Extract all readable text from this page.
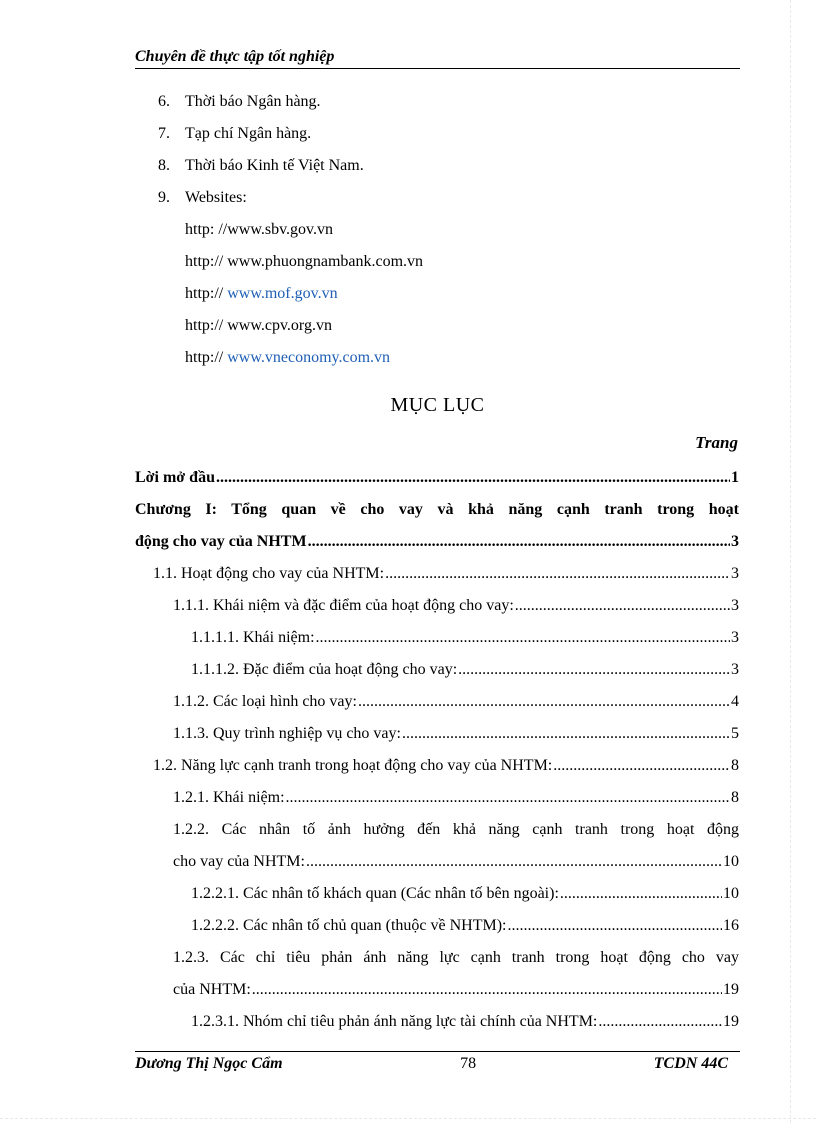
Chuyên đề thực tập tốt nghiệp
6. Thời báo Ngân hàng.
7. Tạp chí Ngân hàng.
8. Thời báo Kinh tế Việt Nam.
9. Websites:
http: //www.sbv.gov.vn
http:// www.phuongnambank.com.vn
http:// www.mof.gov.vn
http:// www.cpv.org.vn
http:// www.vneconomy.com.vn
MỤC LỤC
Trang
Lời mở đầu .....	1
Chương I: Tổng quan về cho vay và khả năng cạnh tranh trong hoạt
động cho vay của NHTM .....	3
1.1. Hoạt động cho vay của NHTM: .....	3
1.1.1. Khái niệm và đặc điểm của hoạt động cho vay: .....	3
1.1.1.1. Khái niệm: .....	3
1.1.1.2. Đặc điểm của hoạt động cho vay: .....	3
1.1.2. Các loại hình cho vay: .....	4
1.1.3. Quy trình nghiệp vụ cho vay: .....	5
1.2. Năng lực cạnh tranh trong hoạt động cho vay của NHTM: .....	8
1.2.1. Khái niệm: .....	8
1.2.2. Các nhân tố ảnh hưởng đến khả năng cạnh tranh trong hoạt động
cho vay của NHTM: .....	10
1.2.2.1. Các nhân tố khách quan (Các nhân tố bên ngoài): .....	10
1.2.2.2. Các nhân tố chủ quan (thuộc về NHTM): .....	16
1.2.3. Các chỉ tiêu phản ánh năng lực cạnh tranh trong hoạt động cho vay
của NHTM: .....	19
1.2.3.1. Nhóm chỉ tiêu phản ánh năng lực tài chính của NHTM: .....	19
Dương Thị Ngọc Cẩm	78	TCDN 44C
